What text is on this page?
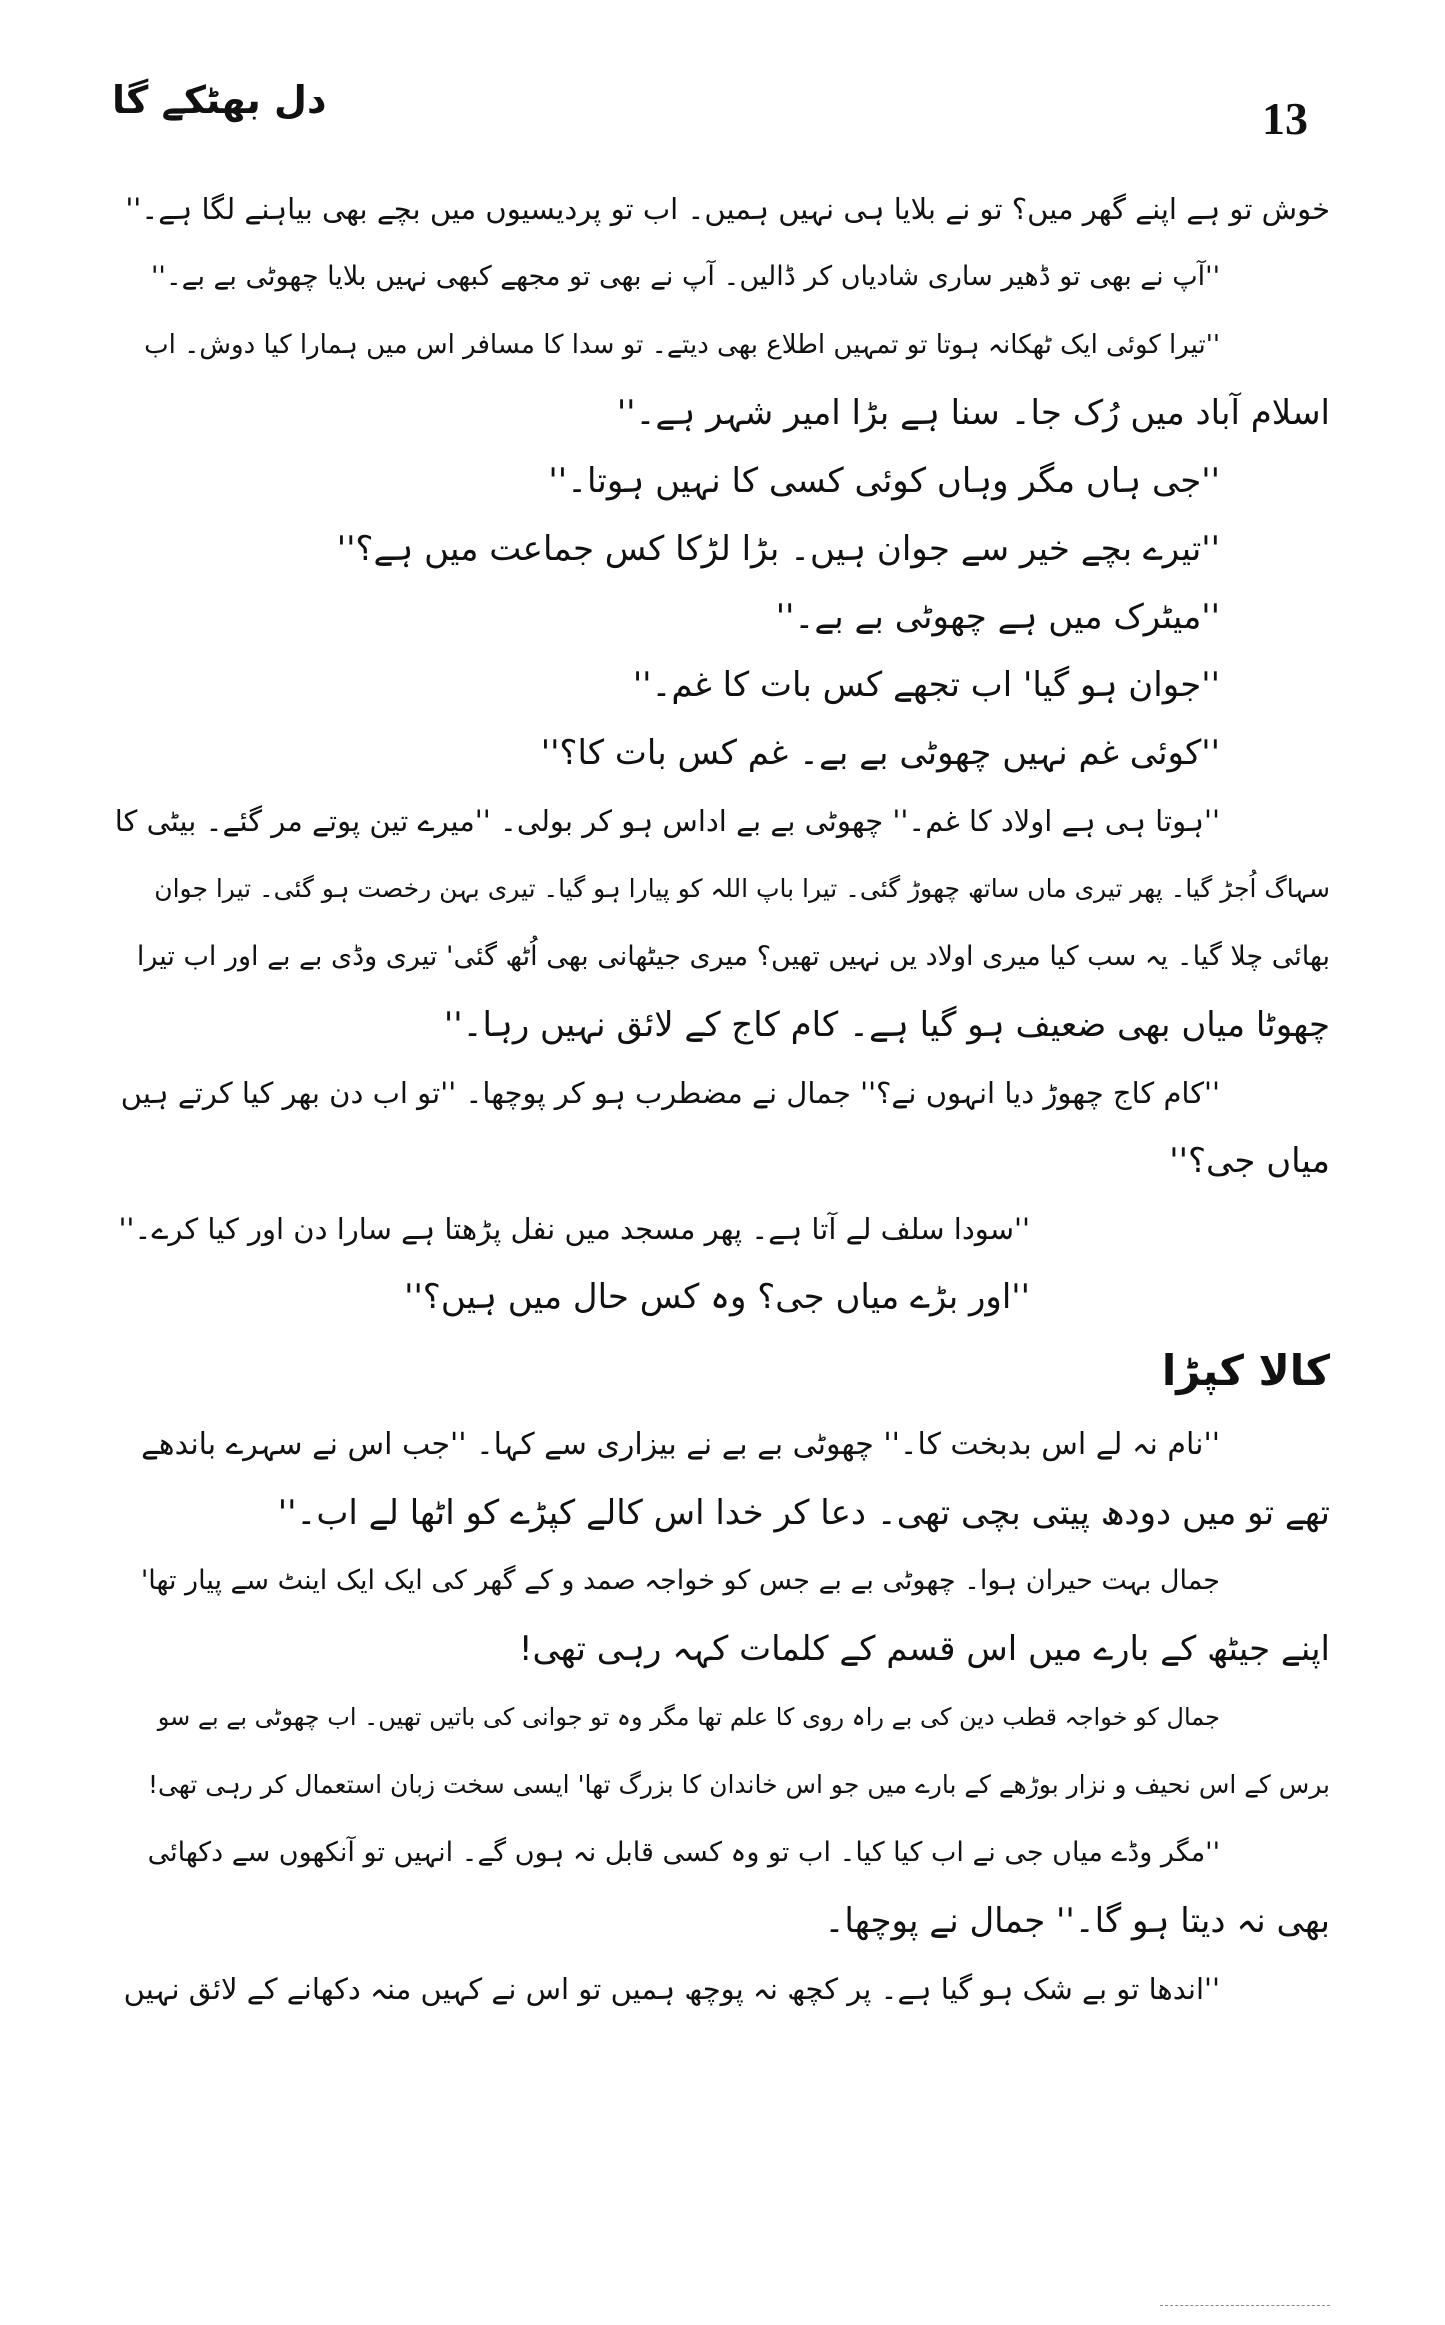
13
دل بھٹکے گا
خوش تو ہے اپنے گھر میں؟ تو نے بلایا ہی نہیں ہمیں۔ اب تو پردیسیوں میں بچے بھی بیاہنے لگا ہے۔''
''آپ نے بھی تو ڈھیر ساری شادیاں کر ڈالیں۔ آپ نے بھی تو مجھے کبھی نہیں بلایا چھوٹی بے بے۔''
''تیرا کوئی ایک ٹھکانہ ہوتا تو تمہیں اطلاع بھی دیتے۔ تو سدا کا مسافر اس میں ہمارا کیا دوش۔ اب
اسلام آباد میں رُک جا۔ سنا ہے بڑا امیر شہر ہے۔''
''جی ہاں مگر وہاں کوئی کسی کا نہیں ہوتا۔''
''تیرے بچے خیر سے جوان ہیں۔ بڑا لڑکا کس جماعت میں ہے؟''
''میٹرک میں ہے چھوٹی بے بے۔''
''جوان ہو گیا' اب تجھے کس بات کا غم۔''
''کوئی غم نہیں چھوٹی بے بے۔ غم کس بات کا؟''
''ہوتا ہی ہے اولاد کا غم۔'' چھوٹی بے بے اداس ہو کر بولی۔ ''میرے تین پوتے مر گئے۔ بیٹی کا
سہاگ اُجڑ گیا۔ پھر تیری ماں ساتھ چھوڑ گئی۔ تیرا باپ اللہ کو پیارا ہو گیا۔ تیری بہن رخصت ہو گئی۔ تیرا جوان
بھائی چلا گیا۔ یہ سب کیا میری اولاد یں نہیں تھیں؟ میری جیٹھانی بھی اُٹھ گئی' تیری وڈی بے بے اور اب تیرا
چھوٹا میاں بھی ضعیف ہو گیا ہے۔ کام کاج کے لائق نہیں رہا۔''
''کام کاج چھوڑ دیا انہوں نے؟'' جمال نے مضطرب ہو کر پوچھا۔ ''تو اب دن بھر کیا کرتے ہیں
میاں جی؟''
''سودا سلف لے آتا ہے۔ پھر مسجد میں نفل پڑھتا ہے سارا دن اور کیا کرے۔''
''اور بڑے میاں جی؟ وہ کس حال میں ہیں؟''
کالا کپڑا
''نام نہ لے اس بدبخت کا۔'' چھوٹی بے بے نے بیزاری سے کہا۔ ''جب اس نے سہرے باندھے
تھے تو میں دودھ پیتی بچی تھی۔ دعا کر خدا اس کالے کپڑے کو اٹھا لے اب۔''
جمال بہت حیران ہوا۔ چھوٹی بے بے جس کو خواجہ صمد و کے گھر کی ایک ایک اینٹ سے پیار تھا'
اپنے جیٹھ کے بارے میں اس قسم کے کلمات کہہ رہی تھی!
جمال کو خواجہ قطب دین کی بے راہ روی کا علم تھا مگر وہ تو جوانی کی باتیں تھیں۔ اب چھوٹی بے بے سو
برس کے اس نحیف و نزار بوڑھے کے بارے میں جو اس خاندان کا بزرگ تھا' ایسی سخت زبان استعمال کر رہی تھی!
''مگر وڈے میاں جی نے اب کیا کیا۔ اب تو وہ کسی قابل نہ ہوں گے۔ انہیں تو آنکھوں سے دکھائی
بھی نہ دیتا ہو گا۔'' جمال نے پوچھا۔
''اندھا تو بے شک ہو گیا ہے۔ پر کچھ نہ پوچھ ہمیں تو اس نے کہیں منہ دکھانے کے لائق نہیں
